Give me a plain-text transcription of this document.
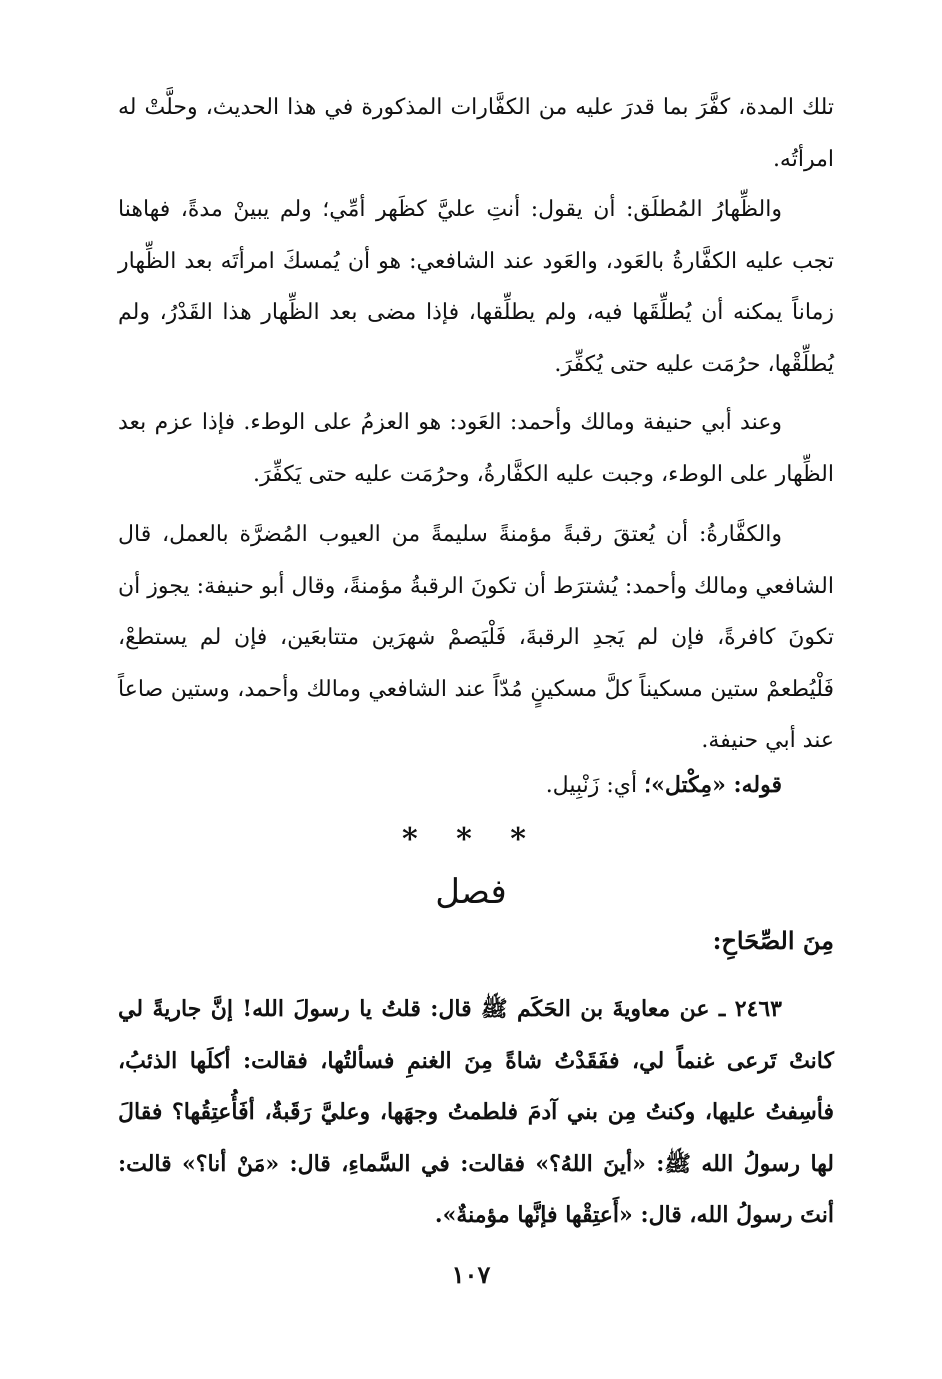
تلك المدة، كفَّرَ بما قدرَ عليه من الكفَّارات المذكورة في هذا الحديث، وحلَّتْ له امرأتُه.

والظِّهارُ المُطلَق: أن يقول: أنتِ عليَّ كظَهر أمِّي؛ ولم يبينْ مدةً، فهاهنا تجب عليه الكفَّارةُ بالعَود، والعَود عند الشافعي: هو أن يُمسكَ امرأتَه بعد الظِّهار زماناً يمكنه أن يُطلِّقَها فيه، ولم يطلِّقها، فإذا مضى بعد الظِّهار هذا القَدْرُ، ولم يُطلِّقْها، حرُمَت عليه حتى يُكفِّرَ.

وعند أبي حنيفة ومالك وأحمد: العَود: هو العزمُ على الوطء. فإذا عزم بعد الظِّهار على الوطء، وجبت عليه الكفَّارةُ، وحرُمَت عليه حتى يَكفِّرَ.

والكفَّارةُ: أن يُعتقَ رقبةً مؤمنةً سليمةً من العيوب المُضرَّة بالعمل، قال الشافعي ومالك وأحمد: يُشترَط أن تكونَ الرقبةُ مؤمنةً، وقال أبو حنيفة: يجوز أن تكونَ كافرةً، فإن لم يَجدِ الرقبةَ، فَلْيَصمْ شهرَين متتابعَين، فإن لم يستطعْ، فَلْيُطعمْ ستين مسكيناً كلَّ مسكينٍ مُدّاً عند الشافعي ومالك وأحمد، وستين صاعاً عند أبي حنيفة.

قوله: «مِكْتل»؛ أي: زَنْبِيل.

* * *
فصل
مِنَ الصِّحَاحِ:

٢٤٦٣ ـ عن معاويةَ بن الحَكَم ﷺ قال: قلتُ يا رسولَ الله! إنَّ جاريةً لي كانتْ تَرعى غنماً لي، ففَقَدْتُ شاةً مِنَ الغنمِ فسألتُها، فقالت: أكلَها الذئبُ، فأسِفتُ عليها، وكنتُ مِن بني آدمَ فلطمتُ وجهَها، وعليَّ رَقَبةٌ، أفَأُعتِقُها؟ فقالَ لها رسولُ الله ﷺ: «أينَ اللهُ؟» فقالت: في السَّماءِ، قال: «مَنْ أنا؟» قالت: أنتَ رسولُ الله، قال: «أَعتِقْها فإنَّها مؤمنةٌ».

١٠٧
